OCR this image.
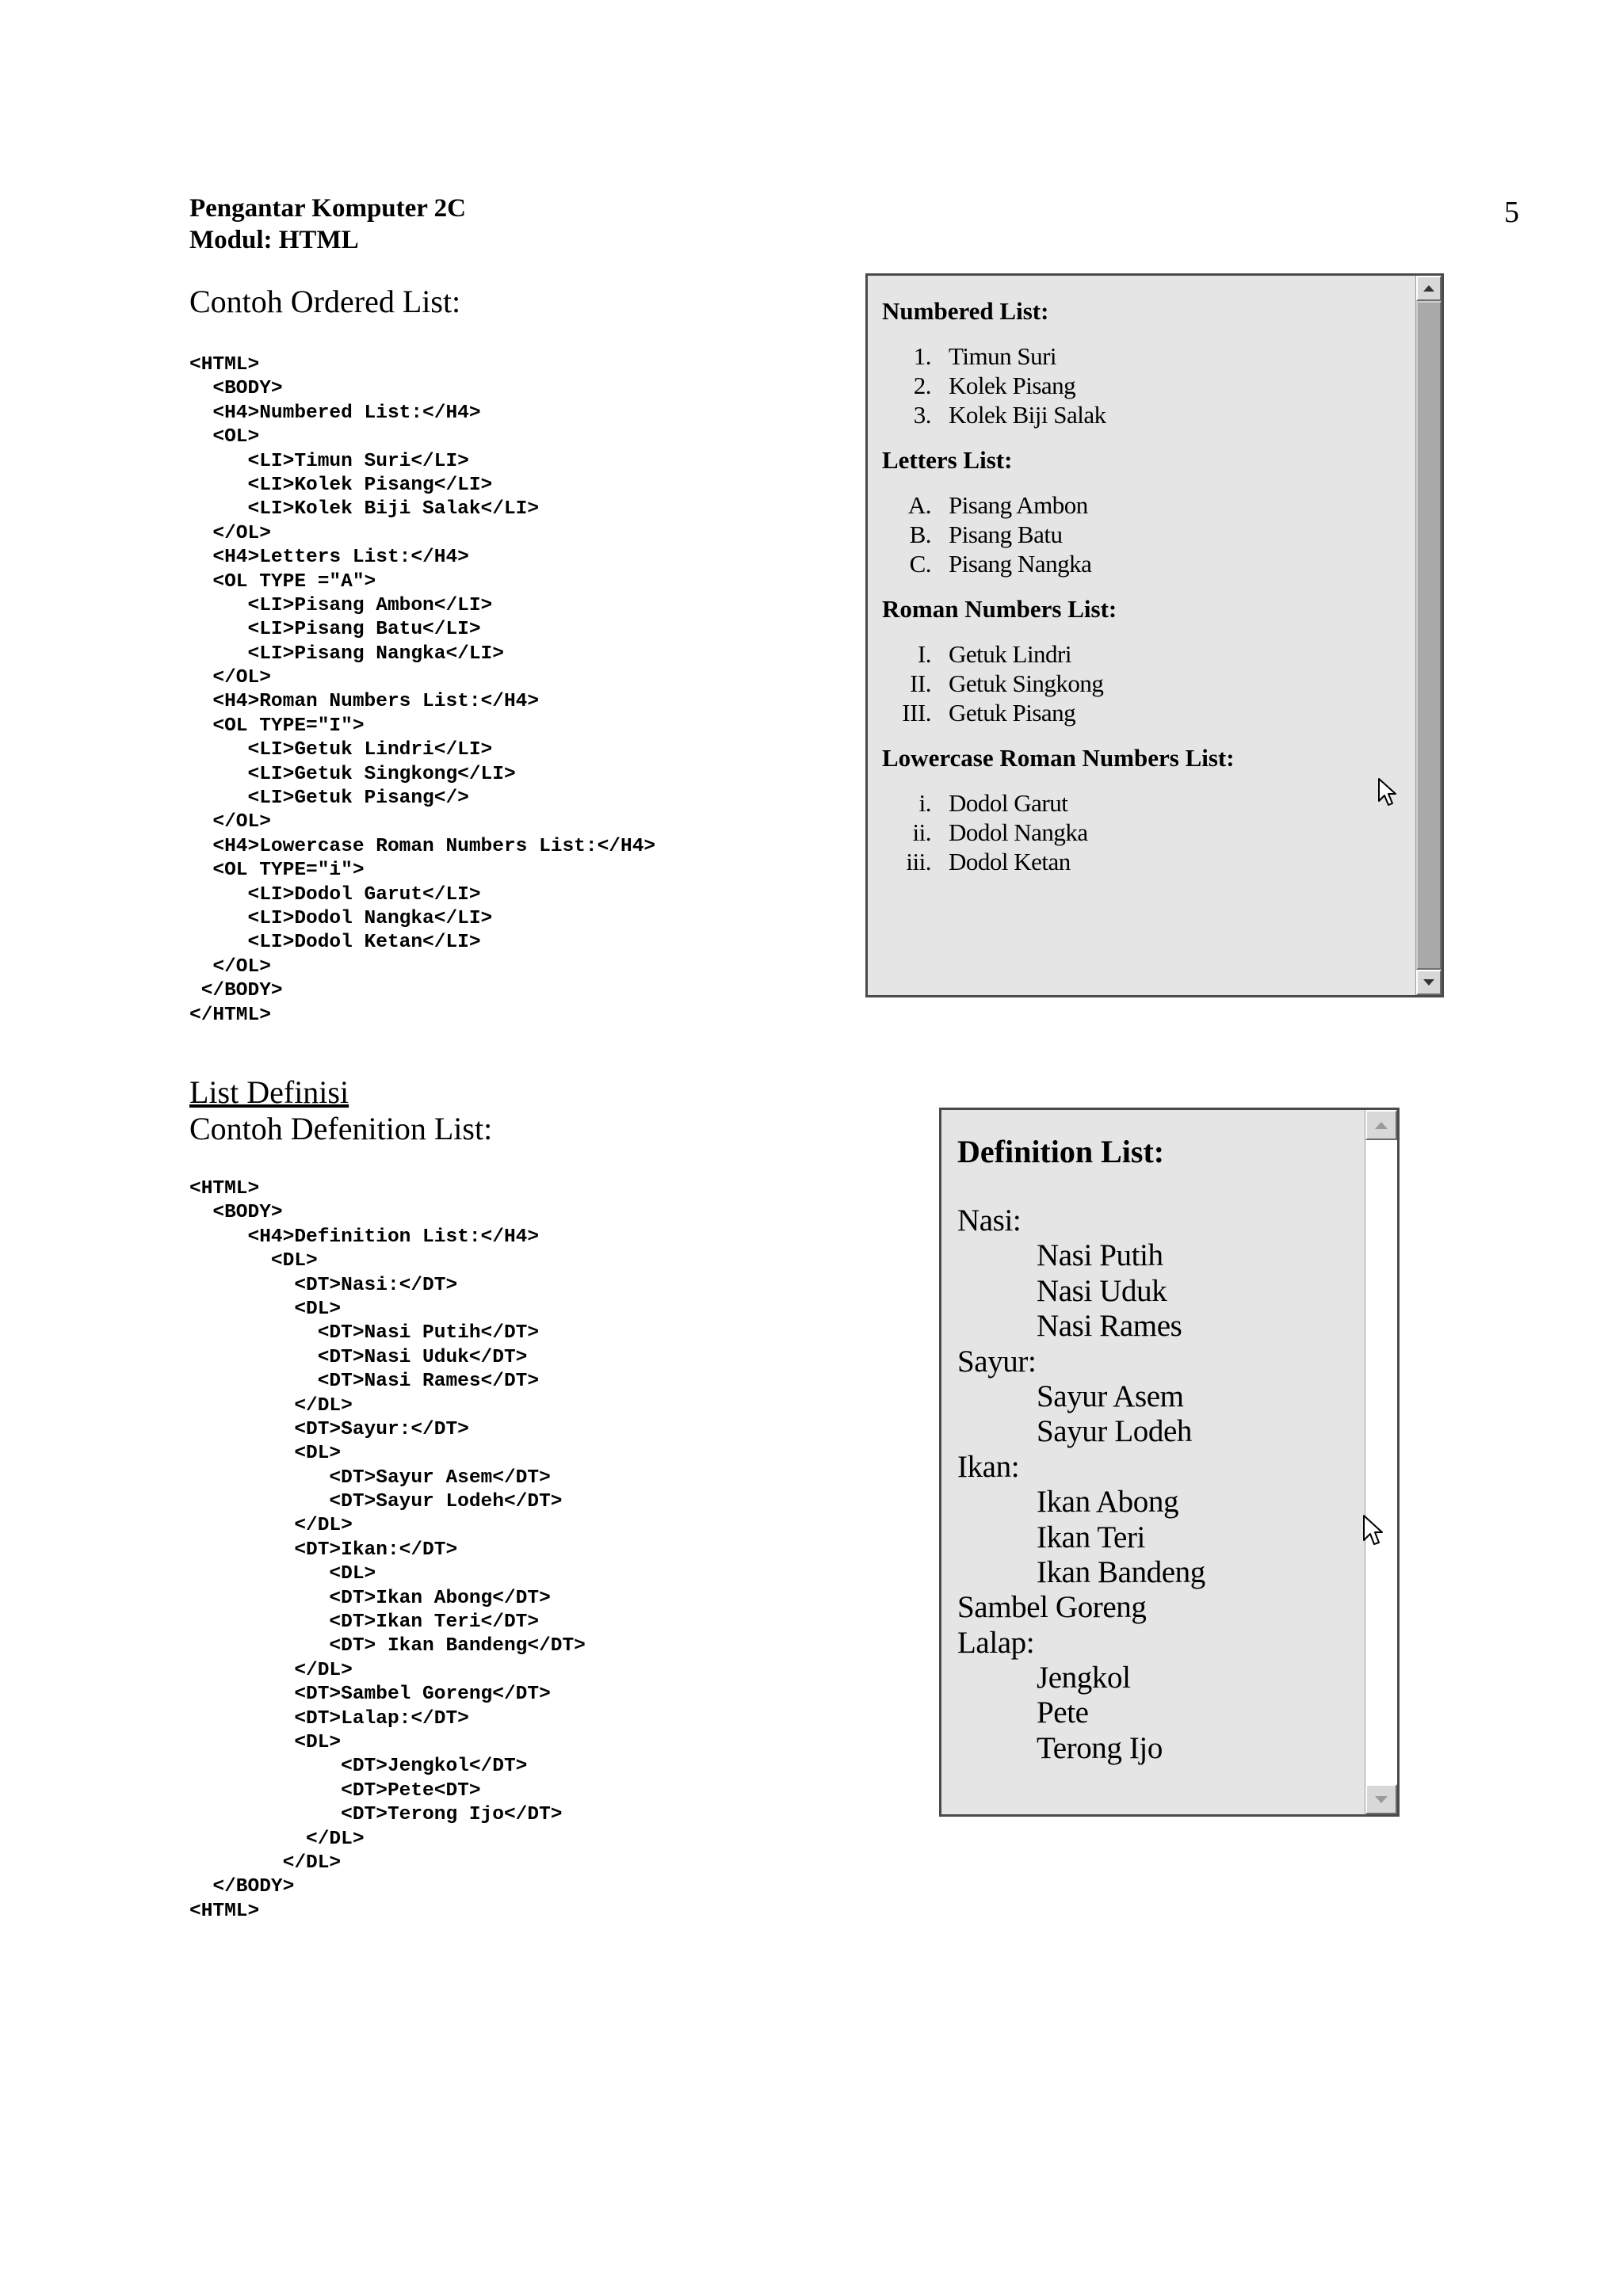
Pengantar Komputer 2C
Modul: HTML
5
Contoh Ordered List:
<HTML>
<BODY>
<H4>Numbered List:</H4>
<OL>
<LI>Timun Suri</LI>
<LI>Kolek Pisang</LI>
<LI>Kolek Biji Salak</LI>
</OL>
<H4>Letters List:</H4>
<OL TYPE ="A">
<LI>Pisang Ambon</LI>
<LI>Pisang Batu</LI>
<LI>Pisang Nangka</LI>
</OL>
<H4>Roman Numbers List:</H4>
<OL TYPE="I">
<LI>Getuk Lindri</LI>
<LI>Getuk Singkong</LI>
<LI>Getuk Pisang</>
</OL>
<H4>Lowercase Roman Numbers List:</H4>
<OL TYPE="i">
<LI>Dodol Garut</LI>
<LI>Dodol Nangka</LI>
<LI>Dodol Ketan</LI>
</OL>
</BODY>
</HTML>
Numbered List:
1. Timun Suri
2. Kolek Pisang
3. Kolek Biji Salak
Letters List:
A. Pisang Ambon
B. Pisang Batu
C. Pisang Nangka
Roman Numbers List:
I. Getuk Lindri
II. Getuk Singkong
III. Getuk Pisang
Lowercase Roman Numbers List:
i. Dodol Garut
ii. Dodol Nangka
iii. Dodol Ketan
List Definisi
Contoh Defenition List:
<HTML>
<BODY>
<H4>Definition List:</H4>
<DL>
<DT>Nasi:</DT>
<DL>
<DT>Nasi Putih</DT>
<DT>Nasi Uduk</DT>
<DT>Nasi Rames</DT>
</DL>
<DT>Sayur:</DT>
<DL>
<DT>Sayur Asem</DT>
<DT>Sayur Lodeh</DT>
</DL>
<DT>Ikan:</DT>
<DL>
<DT>Ikan Abong</DT>
<DT>Ikan Teri</DT>
<DT> Ikan Bandeng</DT>
</DL>
<DT>Sambel Goreng</DT>
<DT>Lalap:</DT>
<DL>
<DT>Jengkol</DT>
<DT>Pete<DT>
<DT>Terong Ijo</DT>
</DL>
</DL>
</BODY>
<HTML>
Definition List:
Nasi:
Nasi Putih
Nasi Uduk
Nasi Rames
Sayur:
Sayur Asem
Sayur Lodeh
Ikan:
Ikan Abong
Ikan Teri
Ikan Bandeng
Sambel Goreng
Lalap:
Jengkol
Pete
Terong Ijo
